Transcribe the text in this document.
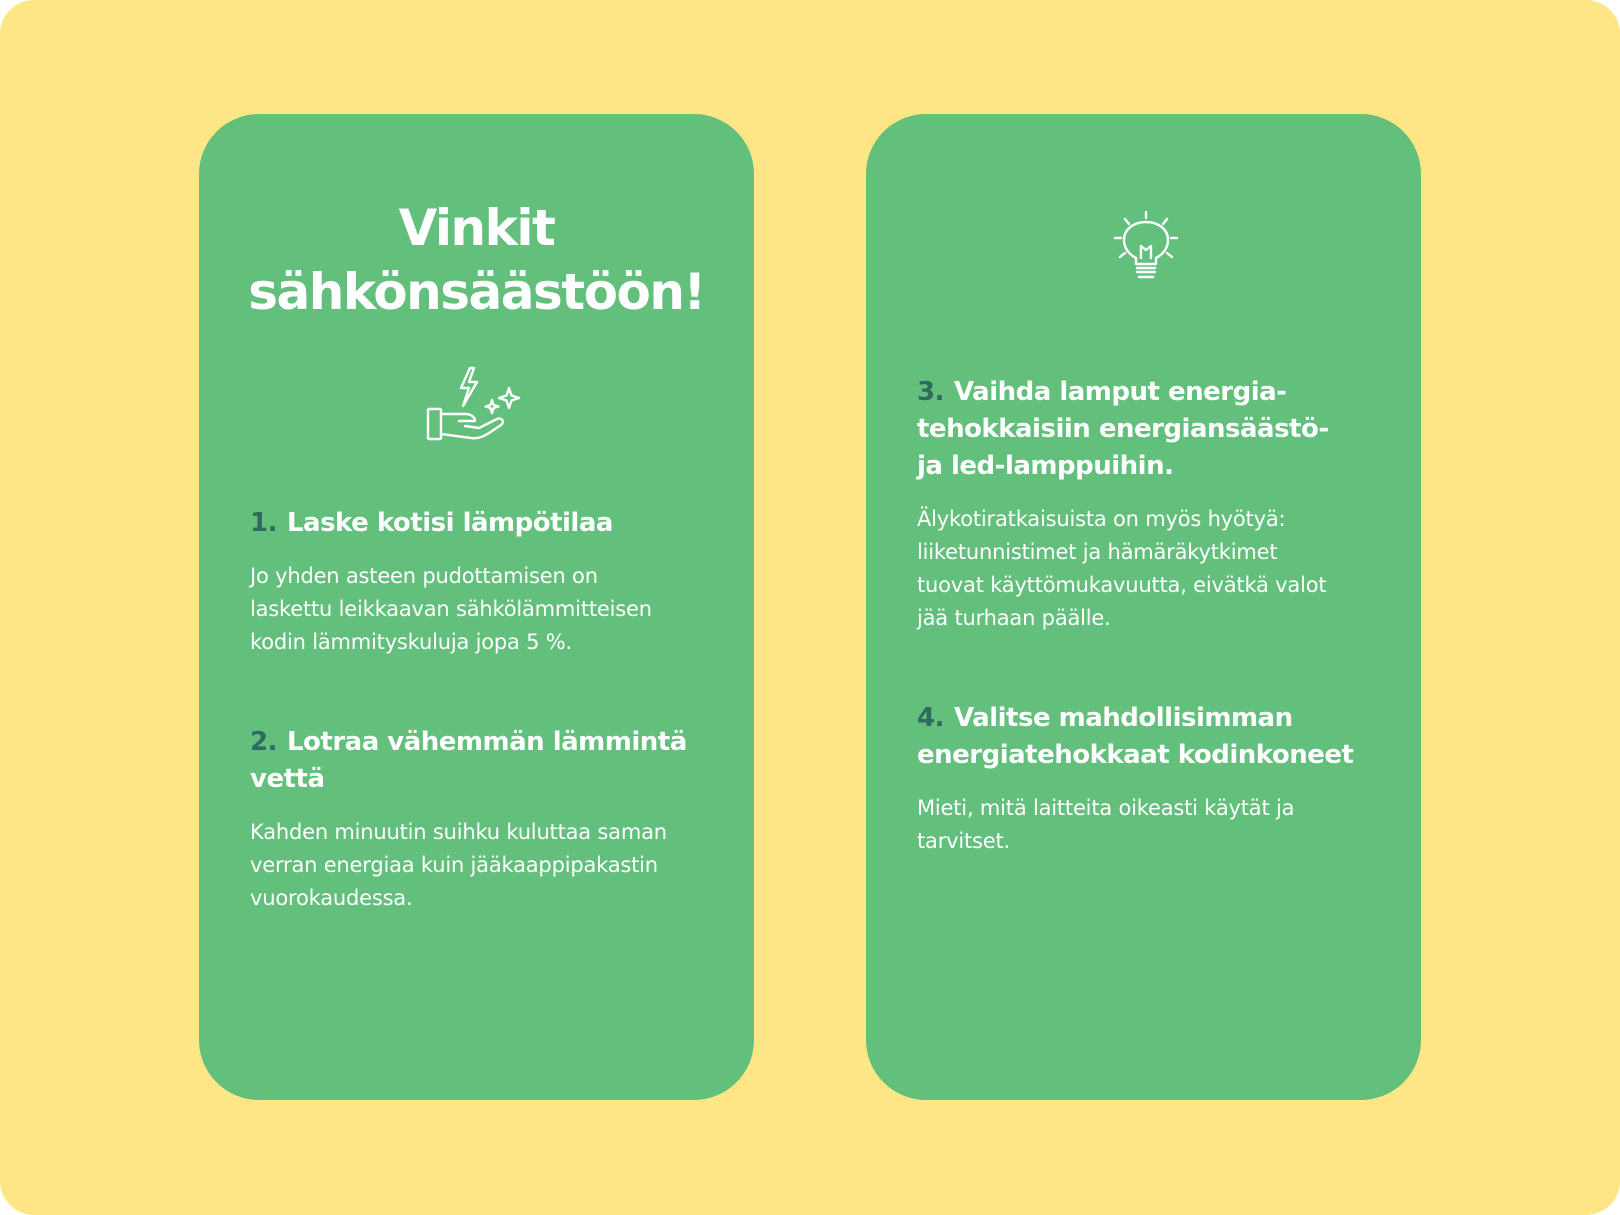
Vinkit
sähkönsäästöön!
1. Laske kotisi lämpötilaa

Jo yhden asteen pudottamisen on
laskettu leikkaavan sähkölämmitteisen
kodin lämmityskuluja jopa 5 %.

2. Lotraa vähemmän lämmintä
vettä

Kahden minuutin suihku kuluttaa saman
verran energiaa kuin jääkaappipakastin
vuorokaudessa.

3. Vaihda lamput energia-
tehokkaisiin energiansäästö-
ja led-lamppuihin.

Älykotiratkaisuista on myös hyötyä:
liiketunnistimet ja hämäräkytkimet
tuovat käyttömukavuutta, eivätkä valot
jää turhaan päälle.

4. Valitse mahdollisimman
energiatehokkaat kodinkoneet

Mieti, mitä laitteita oikeasti käytät ja
tarvitset.
